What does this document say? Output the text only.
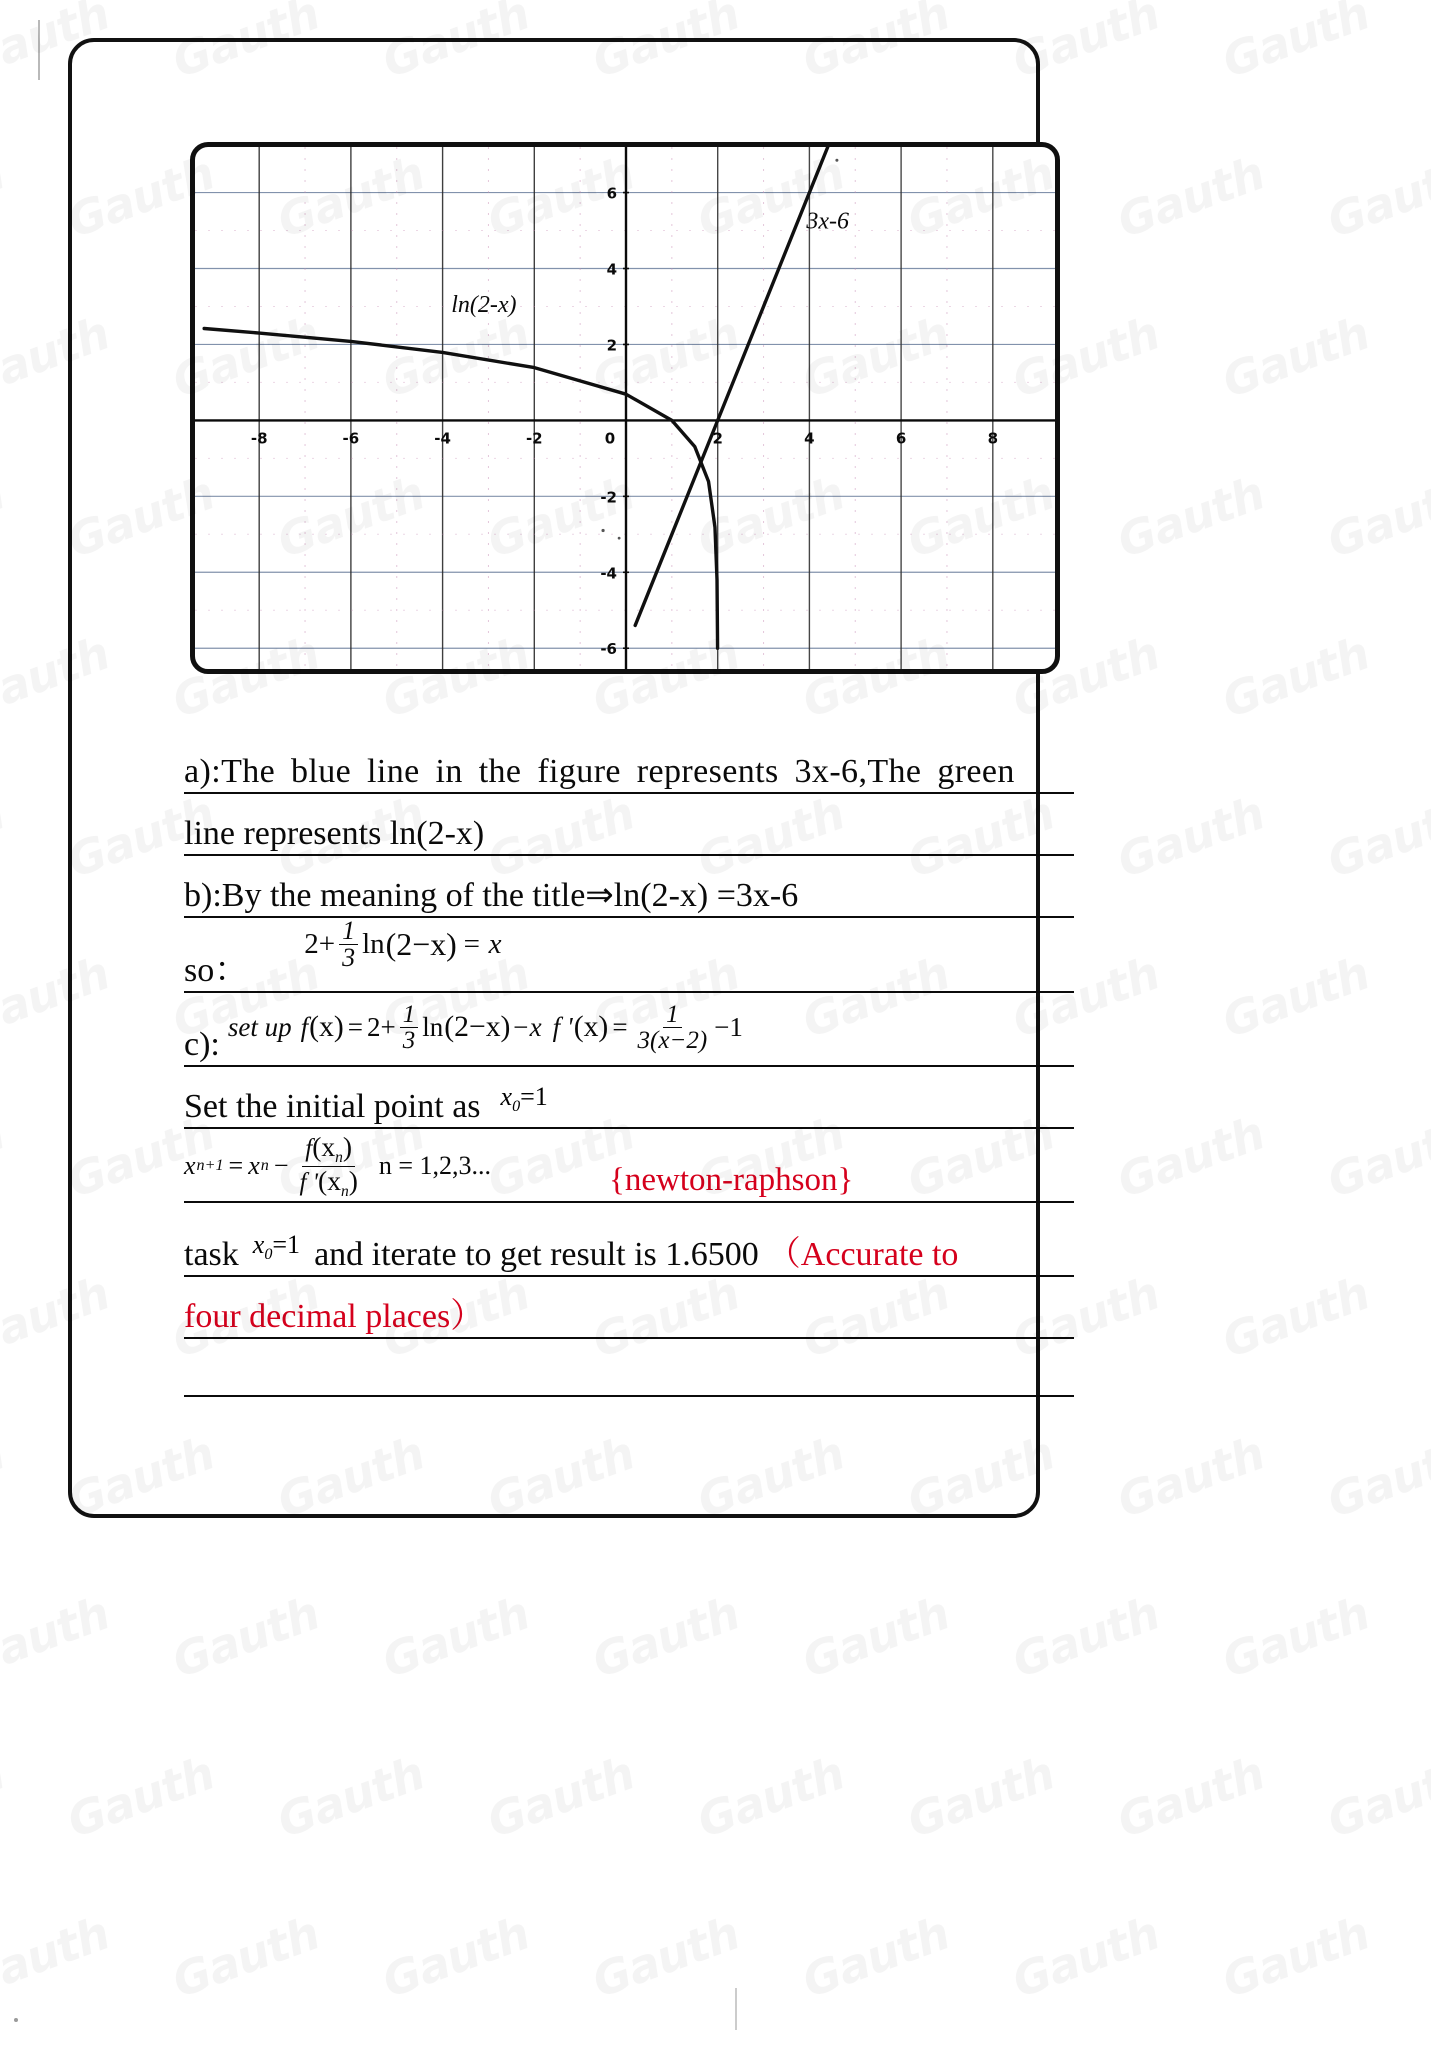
-8	-6	-4	-2	0	2	4	6	8
-6
-4
-2
2
4
6
3x-6
ln(2-x)
a):The blue line in the figure represents 3x-6,The green
line represents ln(2-x)
b):By the meaning of the title⇒ln(2-x) =3x-6
so：
$2+ \frac{1}{3}$ ln (2−x) = x
c): set up f $(x) = 2+ \frac{1}{3}$ ln (2−x) −x f ' $(x) = \frac{1}{3(x-2)} -1$
Set the initial point as $x_0=1$
x n+1 = x $n - \frac{f(x_n)}{f '(x_n)}$ n = 1,2,3...	{newton-raphson}
task $x_0=1$ and iterate to get result is 1.6500 （Accurate to
four decimal places）
